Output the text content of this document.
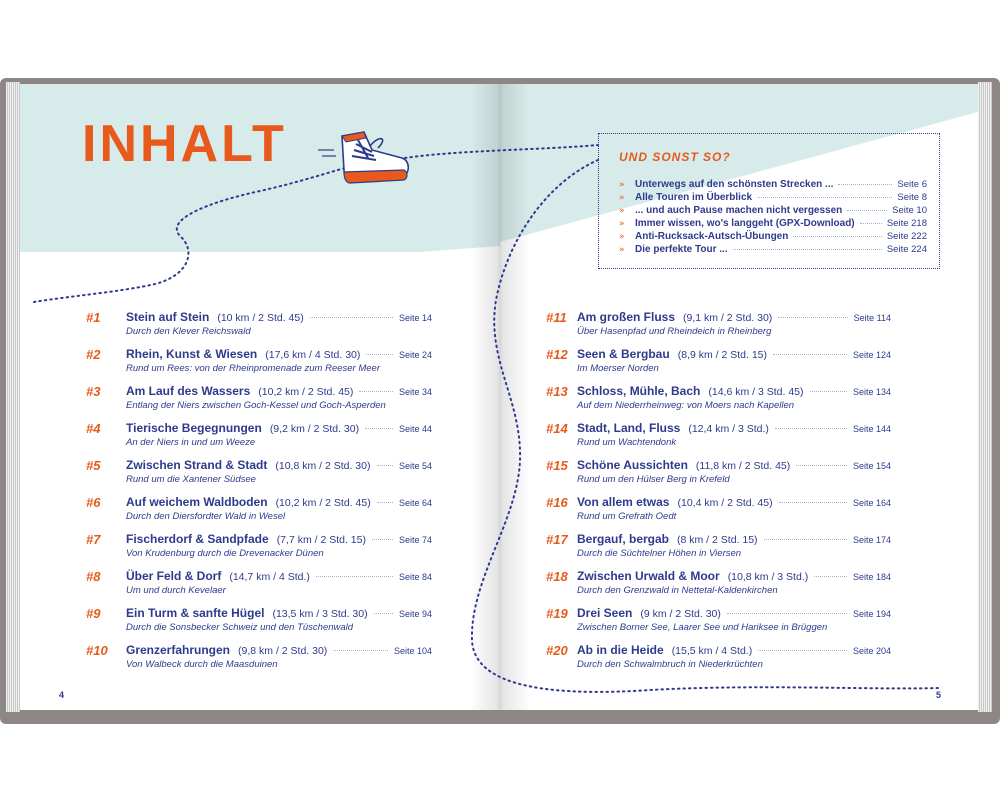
INHALT
#1 Stein auf Stein (10 km / 2 Std. 45)	Seite 14
Durch den Klever Reichswald
#2 Rhein, Kunst & Wiesen (17,6 km / 4 Std. 30)	Seite 24
Rund um Rees: von der Rheinpromenade zum Reeser Meer
#3 Am Lauf des Wassers (10,2 km / 2 Std. 45)	Seite 34
Entlang der Niers zwischen Goch-Kessel und Goch-Asperden
#4 Tierische Begegnungen (9,2 km / 2 Std. 30)	Seite 44
An der Niers in und um Weeze
#5 Zwischen Strand & Stadt (10,8 km / 2 Std. 30)	Seite 54
Rund um die Xantener Südsee
#6 Auf weichem Waldboden (10,2 km / 2 Std. 45)	Seite 64
Durch den Diersfordter Wald in Wesel
#7 Fischerdorf & Sandpfade (7,7 km / 2 Std. 15)	Seite 74
Von Krudenburg durch die Drevenacker Dünen
#8 Über Feld & Dorf (14,7 km / 4 Std.)	Seite 84
Um und durch Kevelaer
#9 Ein Turm & sanfte Hügel (13,5 km / 3 Std. 30)	Seite 94
Durch die Sonsbecker Schweiz und den Tüschenwald
#10 Grenzerfahrungen (9,8 km / 2 Std. 30)	Seite 104
Von Walbeck durch die Maasduinen
UND SONST SO?
»	Unterwegs auf den schönsten Strecken ...	Seite 6
»	Alle Touren im Überblick	Seite 8
»	... und auch Pause machen nicht vergessen	Seite 10
»	Immer wissen, wo's langgeht (GPX-Download)	Seite 218
»	Anti-Rucksack-Autsch-Übungen	Seite 222
»	Die perfekte Tour ...	Seite 224
#11 Am großen Fluss (9,1 km / 2 Std. 30)	Seite 114
Über Hasenpfad und Rheindeich in Rheinberg
#12 Seen & Bergbau (8,9 km / 2 Std. 15)	Seite 124
Im Moerser Norden
#13 Schloss, Mühle, Bach (14,6 km / 3 Std. 45)	Seite 134
Auf dem Niederrheinweg: von Moers nach Kapellen
#14 Stadt, Land, Fluss (12,4 km / 3 Std.)	Seite 144
Rund um Wachtendonk
#15 Schöne Aussichten (11,8 km / 2 Std. 45)	Seite 154
Rund um den Hülser Berg in Krefeld
#16 Von allem etwas (10,4 km / 2 Std. 45)	Seite 164
Rund um Grefrath Oedt
#17 Bergauf, bergab (8 km / 2 Std. 15)	Seite 174
Durch die Süchtelner Höhen in Viersen
#18 Zwischen Urwald & Moor (10,8 km / 3 Std.)	Seite 184
Durch den Grenzwald in Nettetal-Kaldenkirchen
#19 Drei Seen (9 km / 2 Std. 30)	Seite 194
Zwischen Borner See, Laarer See und Hariksee in Brüggen
#20 Ab in die Heide (15,5 km / 4 Std.)	Seite 204
Durch den Schwalmbruch in Niederkrüchten
4	5
